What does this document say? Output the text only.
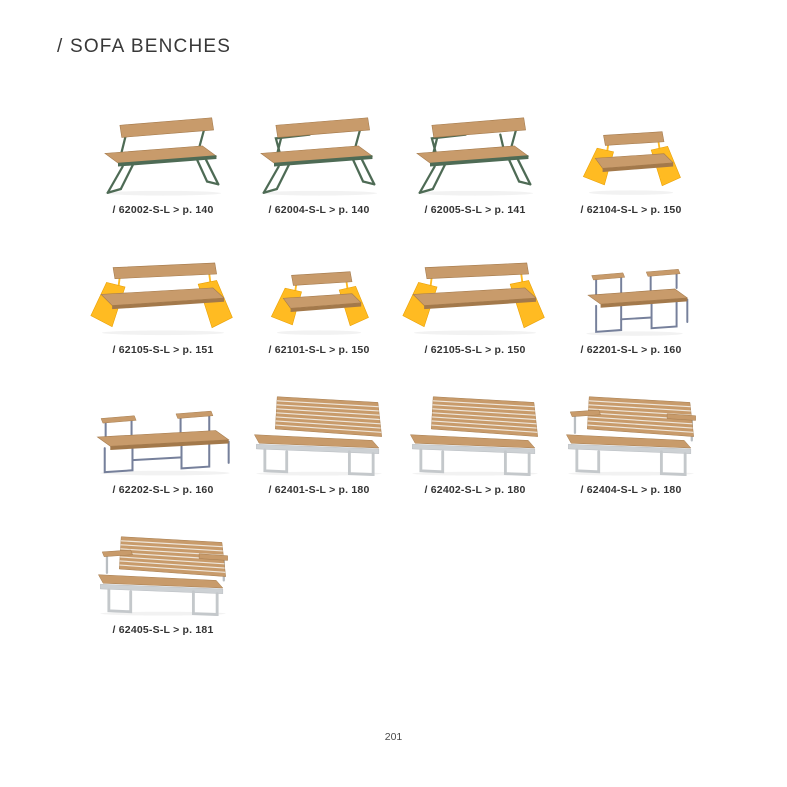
/ SOFA BENCHES
/ 62002-S-L > p. 140	/ 62004-S-L > p. 140	/ 62005-S-L > p. 141	/ 62104-S-L > p. 150
/ 62105-S-L > p. 151	/ 62101-S-L > p. 150	/ 62105-S-L > p. 150	/ 62201-S-L > p. 160
/ 62202-S-L > p. 160	/ 62401-S-L > p. 180	/ 62402-S-L > p. 180	/ 62404-S-L > p. 180
/ 62405-S-L > p. 181
201
